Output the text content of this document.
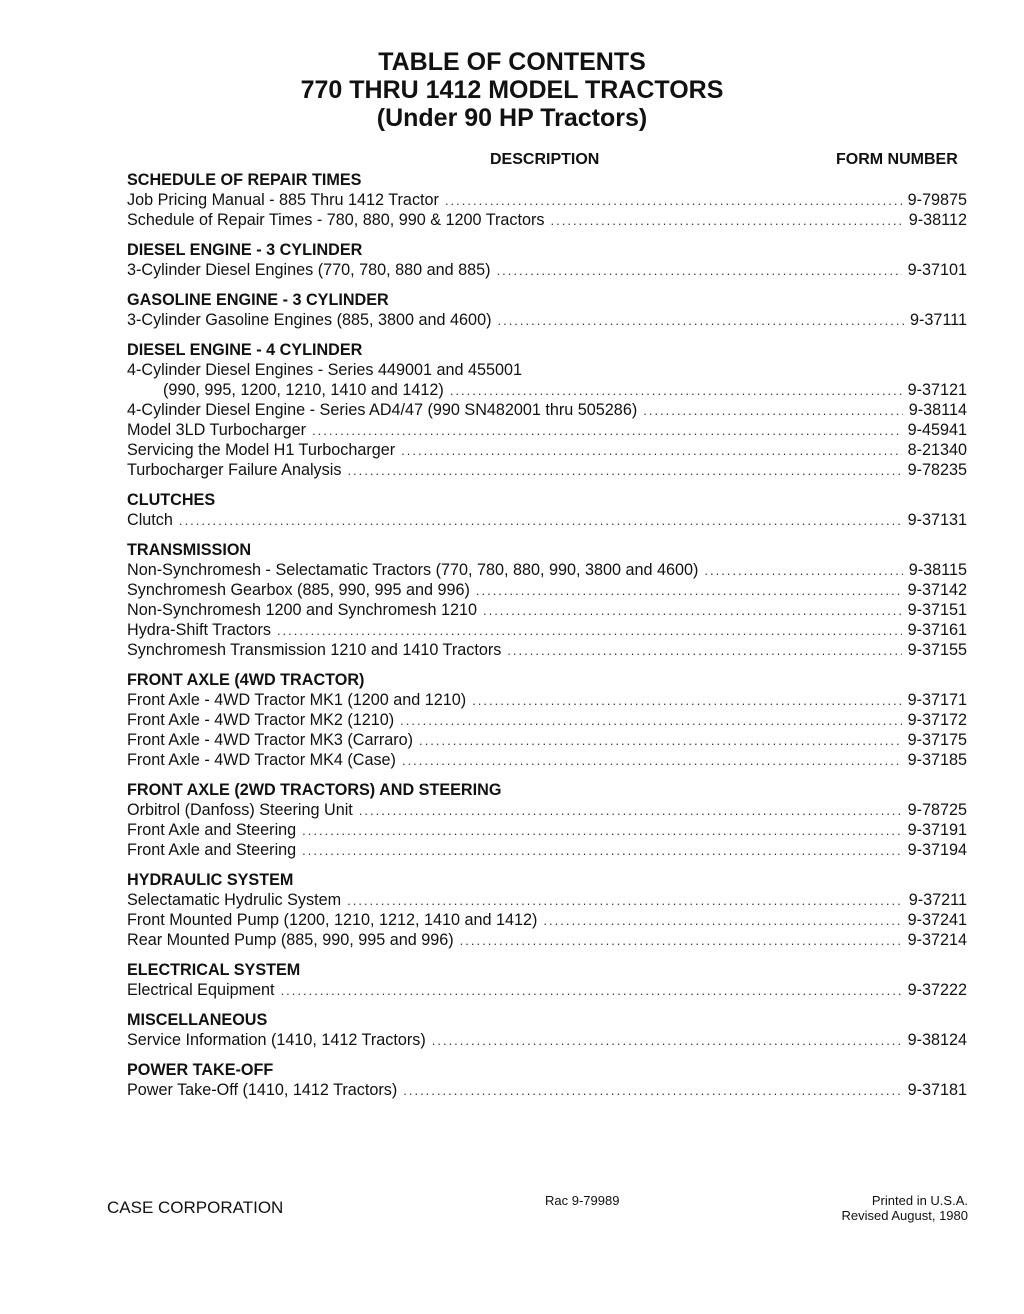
TABLE OF CONTENTS
770 THRU 1412 MODEL TRACTORS
(Under 90 HP Tractors)
DESCRIPTION	FORM NUMBER
SCHEDULE OF REPAIR TIMES
Job Pricing Manual - 885 Thru 1412 Tractor .....	9-79875
Schedule of Repair Times - 780, 880, 990 & 1200 Tractors .....	9-38112
DIESEL ENGINE - 3 CYLINDER
3-Cylinder Diesel Engines (770, 780, 880 and 885) .....	9-37101
GASOLINE ENGINE - 3 CYLINDER
3-Cylinder Gasoline Engines (885, 3800 and 4600) .....	9-37111
DIESEL ENGINE - 4 CYLINDER
4-Cylinder Diesel Engines - Series 449001 and 455001
(990, 995, 1200, 1210, 1410 and 1412) .....	9-37121
4-Cylinder Diesel Engine - Series AD4/47 (990 SN482001 thru 505286) .....	9-38114
Model 3LD Turbocharger .....	9-45941
Servicing the Model H1 Turbocharger .....	8-21340
Turbocharger Failure Analysis .....	9-78235
CLUTCHES
Clutch .....	9-37131
TRANSMISSION
Non-Synchromesh - Selectamatic Tractors (770, 780, 880, 990, 3800 and 4600) .....	9-38115
Synchromesh Gearbox (885, 990, 995 and 996) .....	9-37142
Non-Synchromesh 1200 and Synchromesh 1210 .....	9-37151
Hydra-Shift Tractors .....	9-37161
Synchromesh Transmission 1210 and 1410 Tractors .....	9-37155
FRONT AXLE (4WD TRACTOR)
Front Axle - 4WD Tractor MK1 (1200 and 1210) .....	9-37171
Front Axle - 4WD Tractor MK2 (1210) .....	9-37172
Front Axle - 4WD Tractor MK3 (Carraro) .....	9-37175
Front Axle - 4WD Tractor MK4 (Case) .....	9-37185
FRONT AXLE (2WD TRACTORS) AND STEERING
Orbitrol (Danfoss) Steering Unit .....	9-78725
Front Axle and Steering .....	9-37191
Front Axle and Steering .....	9-37194
HYDRAULIC SYSTEM
Selectamatic Hydrulic System .....	9-37211
Front Mounted Pump (1200, 1210, 1212, 1410 and 1412) .....	9-37241
Rear Mounted Pump (885, 990, 995 and 996) .....	9-37214
ELECTRICAL SYSTEM
Electrical Equipment .....	9-37222
MISCELLANEOUS
Service Information (1410, 1412 Tractors) .....	9-38124
POWER TAKE-OFF
Power Take-Off (1410, 1412 Tractors) .....	9-37181
CASE CORPORATION	Rac 9-79989	Printed in U.S.A.
Revised August, 1980
